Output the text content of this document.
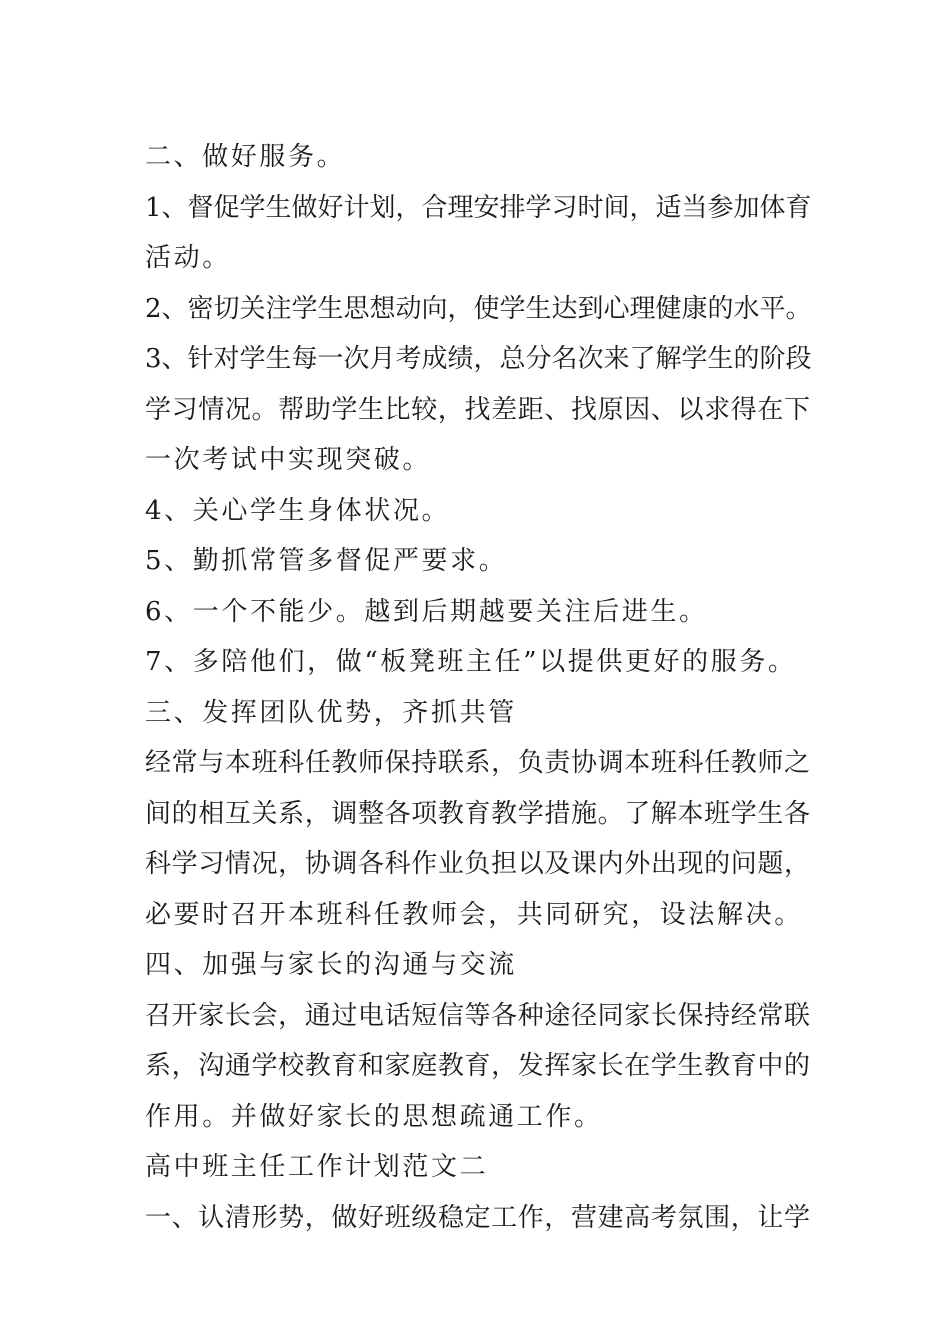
二、做好服务。

1、督促学生做好计划，合理安排学习时间，适当参加体育

活动。

2、密切关注学生思想动向，使学生达到心理健康的水平。

3、针对学生每一次月考成绩，总分名次来了解学生的阶段

学习情况。帮助学生比较，找差距、找原因、以求得在下

一次考试中实现突破。

4、关心学生身体状况。

5、勤抓常管多督促严要求。

6、一个不能少。越到后期越要关注后进生。

7、多陪他们，做“板凳班主任”以提供更好的服务。

三、发挥团队优势，齐抓共管

经常与本班科任教师保持联系，负责协调本班科任教师之

间的相互关系，调整各项教育教学措施。了解本班学生各

科学习情况，协调各科作业负担以及课内外出现的问题，

必要时召开本班科任教师会，共同研究，设法解决。

四、加强与家长的沟通与交流

召开家长会，通过电话短信等各种途径同家长保持经常联

系，沟通学校教育和家庭教育，发挥家长在学生教育中的

作用。并做好家长的思想疏通工作。

高中班主任工作计划范文二

一、认清形势，做好班级稳定工作，营建高考氛围，让学
